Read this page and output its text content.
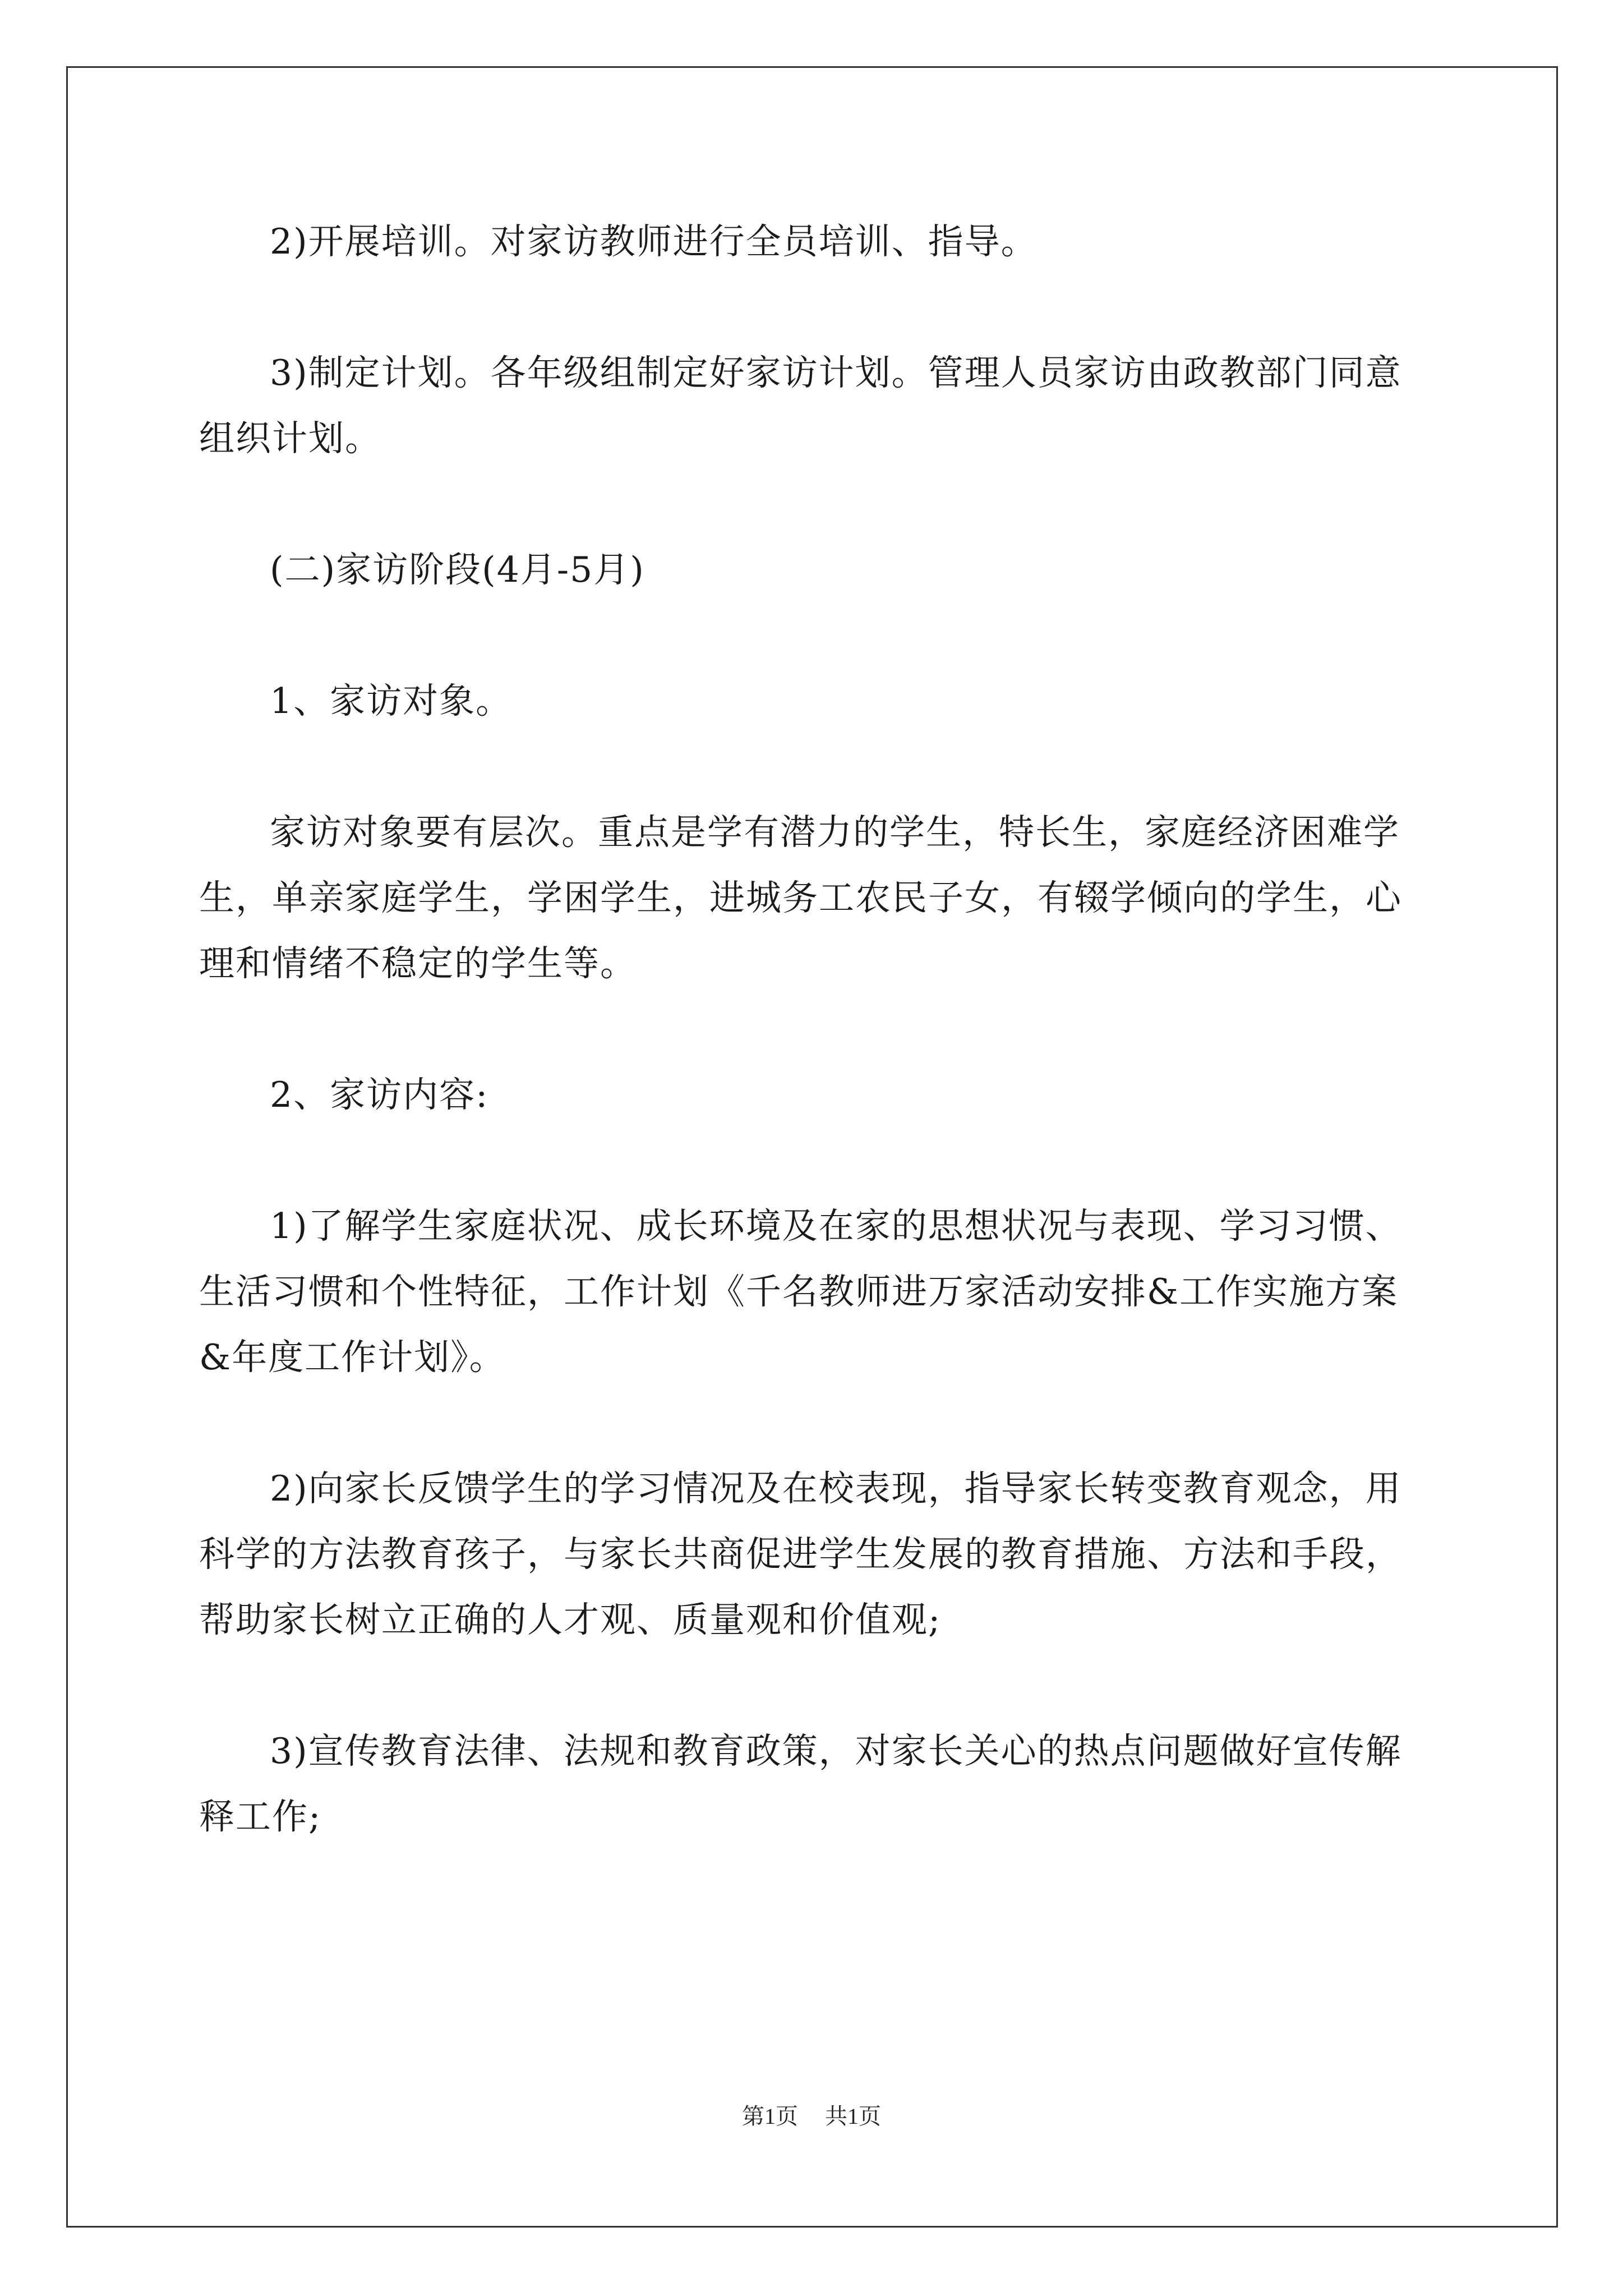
2)开展培训。对家访教师进行全员培训、指导。

3)制定计划。各年级组制定好家访计划。管理人员家访由政教部门同意组织计划。

(二)家访阶段(4月-5月)

1、家访对象。

家访对象要有层次。重点是学有潜力的学生，特长生，家庭经济困难学生，单亲家庭学生，学困学生，进城务工农民子女，有辍学倾向的学生，心理和情绪不稳定的学生等。

2、家访内容:

1)了解学生家庭状况、成长环境及在家的思想状况与表现、学习习惯、生活习惯和个性特征，工作计划《千名教师进万家活动安排&工作实施方案&年度工作计划》。

2)向家长反馈学生的学习情况及在校表现，指导家长转变教育观念，用科学的方法教育孩子，与家长共商促进学生发展的教育措施、方法和手段，帮助家长树立正确的人才观、质量观和价值观;

3)宣传教育法律、法规和教育政策，对家长关心的热点问题做好宣传解释工作;

第1页 共1页
